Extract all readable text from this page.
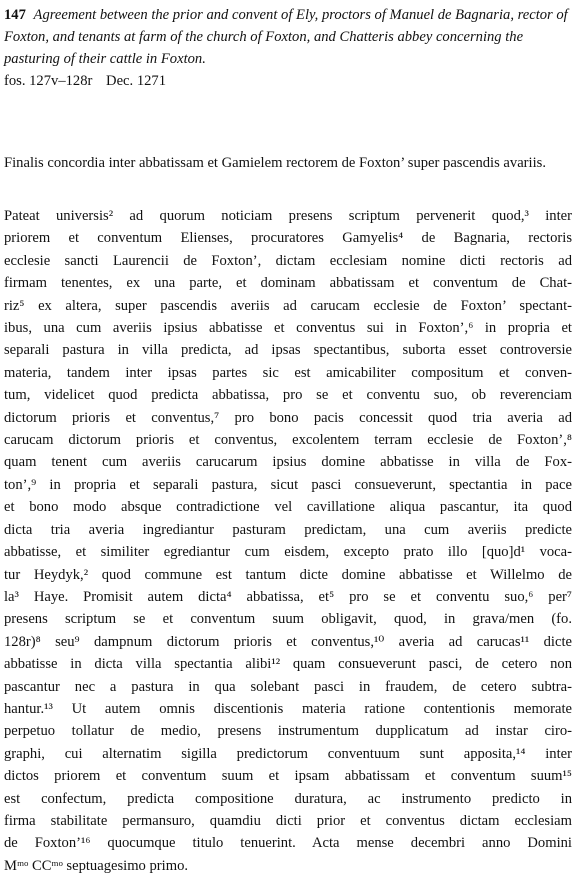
147 Agreement between the prior and convent of Ely, proctors of Manuel de Bagnaria, rector of Foxton, and tenants at farm of the church of Foxton, and Chatteris abbey concerning the pasturing of their cattle in Foxton.
fos. 127v–128r Dec. 1271
Finalis concordia inter abbatissam et Gamielem rectorem de Foxton’ super pascendis avariis.
Pateat universis² ad quorum noticiam presens scriptum pervenerit quod,³ inter
priorem et conventum Elienses, procuratores Gamyelis⁴ de Bagnaria, rectoris
ecclesie sancti Laurencii de Foxton’, dictam ecclesiam nomine dicti rectoris ad
firmam tenentes, ex una parte, et dominam abbatissam et conventum de Chat-
riz⁵ ex altera, super pascendis averiis ad carucam ecclesie de Foxton’ spectant-
ibus, una cum averiis ipsius abbatisse et conventus sui in Foxton’,⁶ in propria et
separali pastura in villa predicta, ad ipsas spectantibus, suborta esset controversie
materia, tandem inter ipsas partes sic est amicabiliter compositum et conven-
tum, videlicet quod predicta abbatissa, pro se et conventu suo, ob reverenciam
dictorum prioris et conventus,⁷ pro bono pacis concessit quod tria averia ad
carucam dictorum prioris et conventus, excolentem terram ecclesie de Foxton’,⁸
quam tenent cum averiis carucarum ipsius domine abbatisse in villa de Fox-
ton’,⁹ in propria et separali pastura, sicut pasci consueverunt, spectantia in pace
et bono modo absque contradictione vel cavillatione aliqua pascantur, ita quod
dicta tria averia ingrediantur pasturam predictam, una cum averiis predicte
abbatisse, et similiter egrediantur cum eisdem, excepto prato illo [quo]d¹ voca-
tur Heydyk,² quod commune est tantum dicte domine abbatisse et Willelmo de
la³ Haye. Promisit autem dicta⁴ abbatissa, et⁵ pro se et conventu suo,⁶ per⁷
presens scriptum se et conventum suum obligavit, quod, in grava/men (fo.
128r)⁸ seu⁹ dampnum dictorum prioris et conventus,¹⁰ averia ad carucas¹¹ dicte
abbatisse in dicta villa spectantia alibi¹² quam consueverunt pasci, de cetero non
pascantur nec a pastura in qua solebant pasci in fraudem, de cetero subtra-
hantur.¹³ Ut autem omnis discentionis materia ratione contentionis memorate
perpetuo tollatur de medio, presens instrumentum dupplicatum ad instar ciro-
graphi, cui alternatim sigilla predictorum conventuum sunt apposita,¹⁴ inter
dictos priorem et conventum suum et ipsam abbatissam et conventum suum¹⁵
est confectum, predicta compositione duratura, ac instrumento predicto in
firma stabilitate permansuro, quamdiu dicti prior et conventus dictam ecclesiam
de Foxton’¹⁶ quocumque titulo tenuerint. Acta mense decembri anno Domini
Mᵐᵒ CCᵐᵒ septuagesimo primo.
